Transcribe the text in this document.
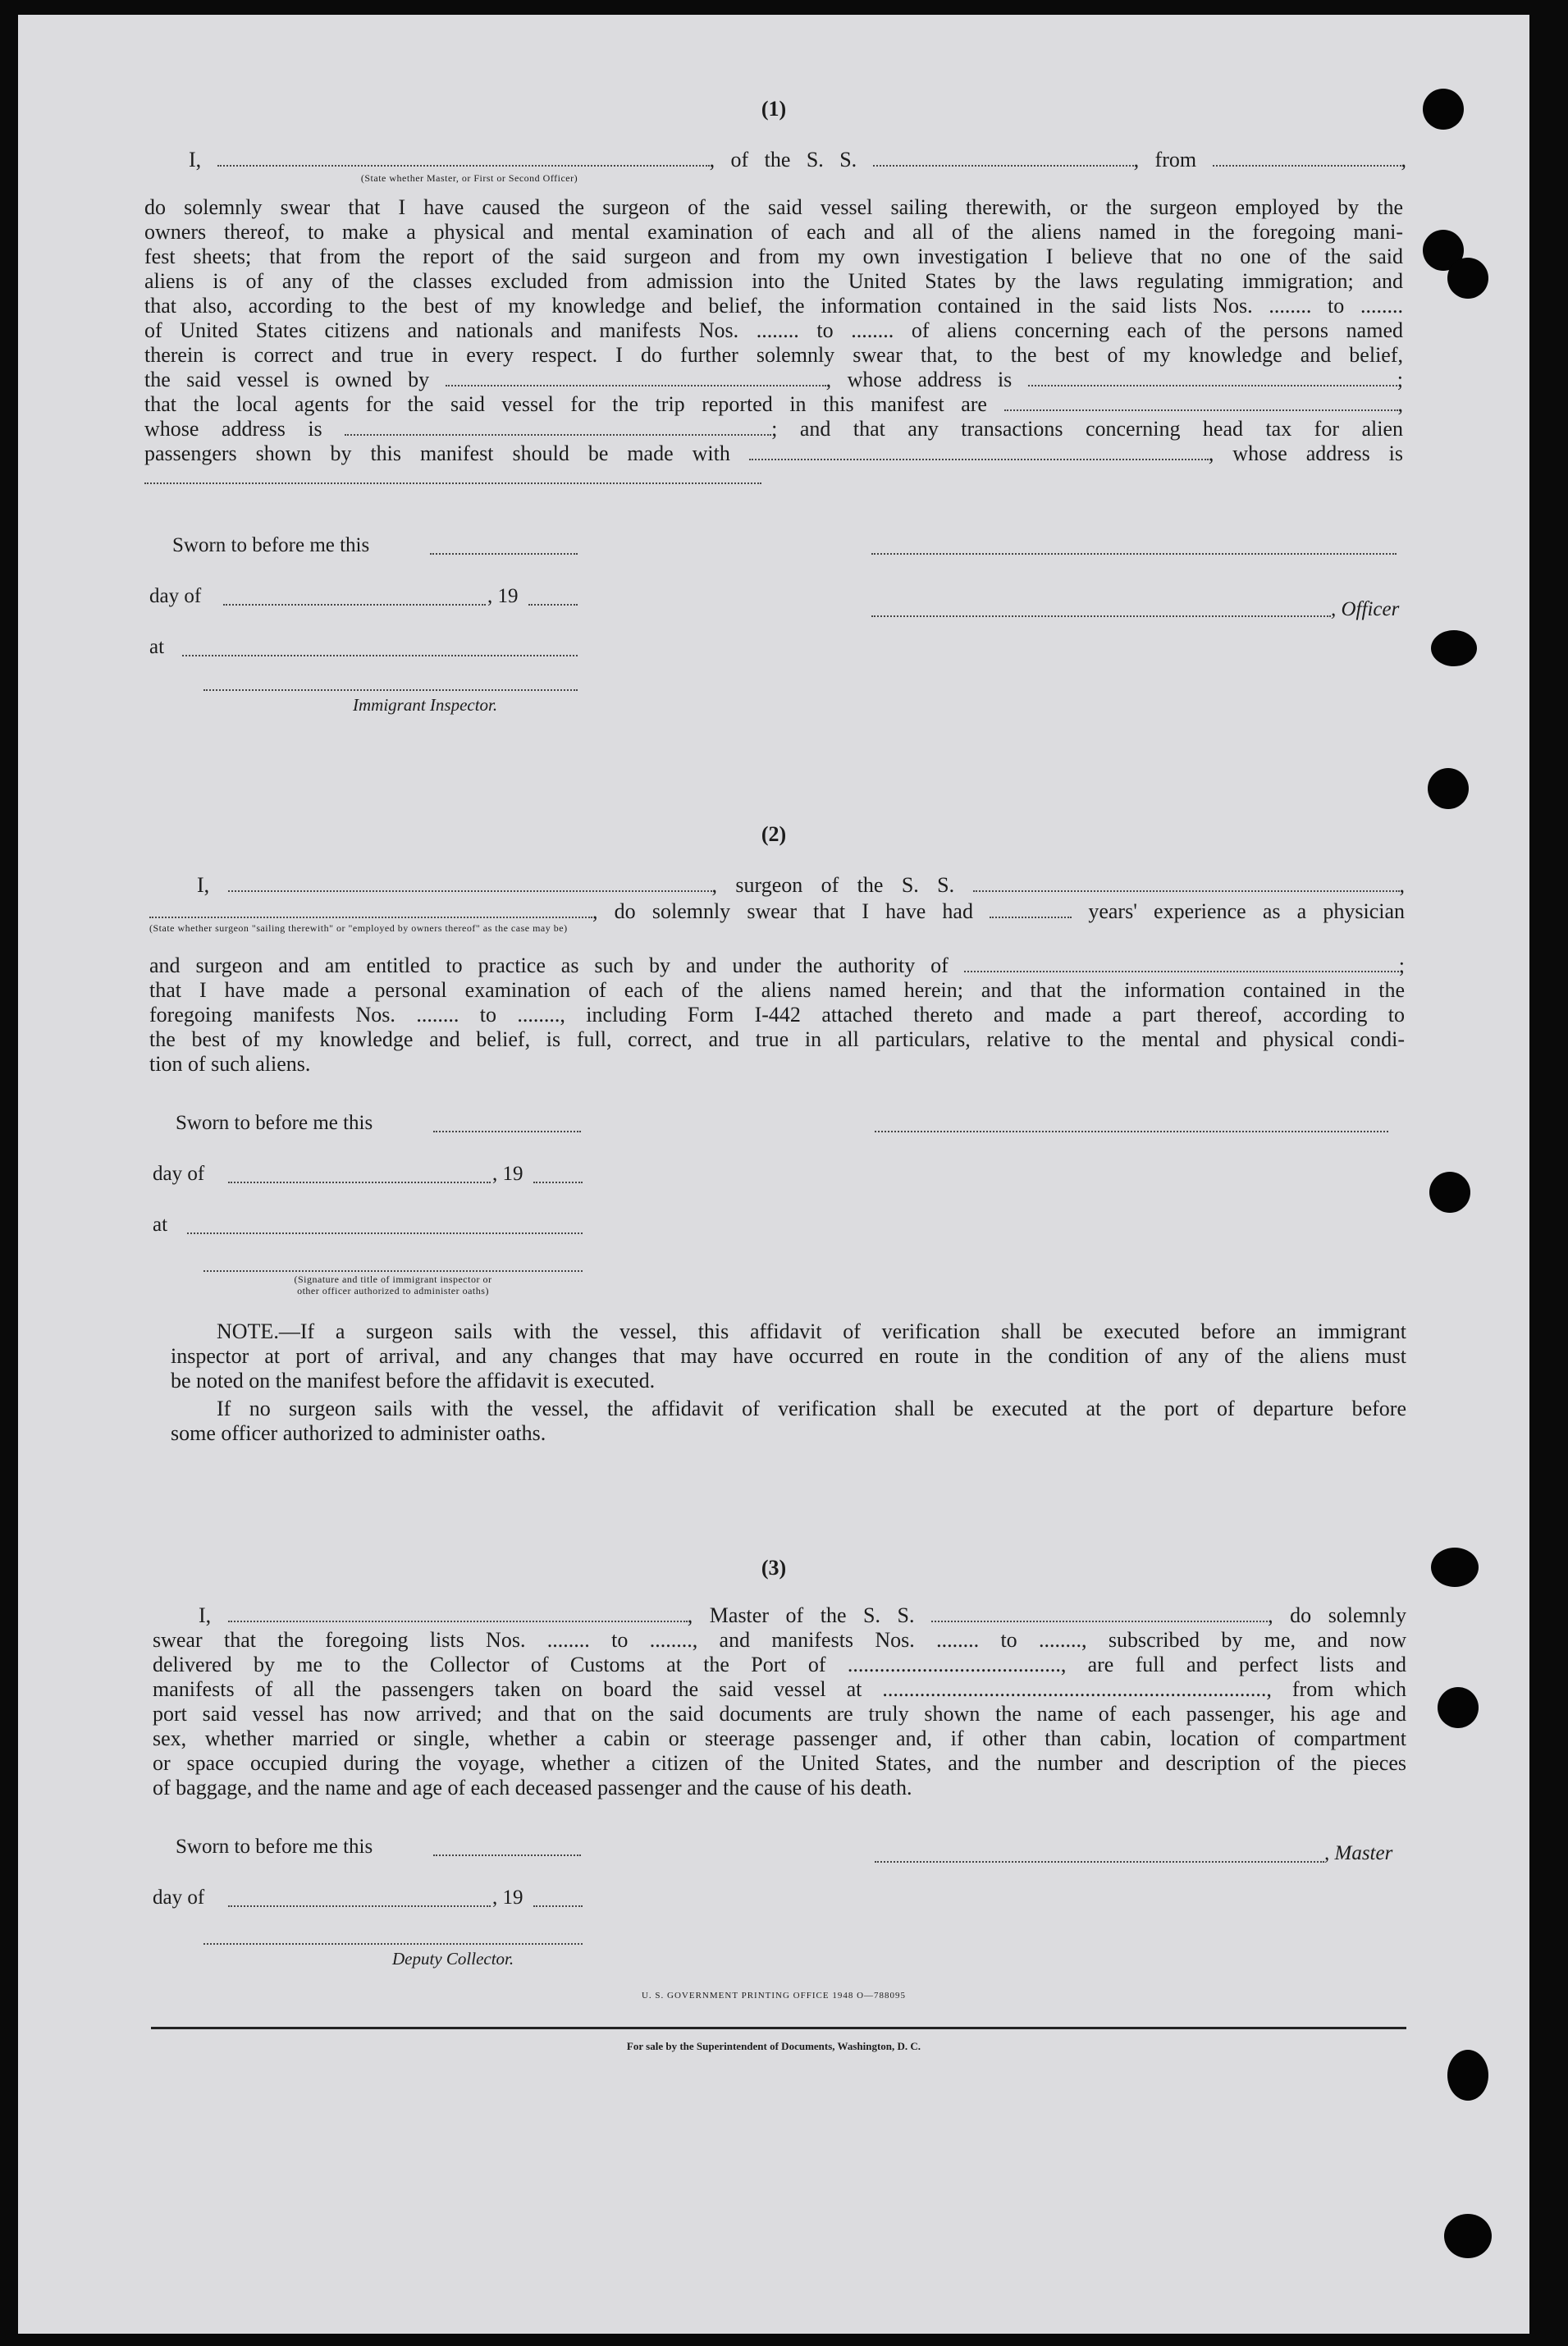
(1)
I,	, of the S. S.	, from	,
(State whether Master, or First or Second Officer)
do solemnly swear that I have caused the surgeon of the said vessel sailing therewith, or the surgeon employed by the
owners thereof, to make a physical and mental examination of each and all of the aliens named in the foregoing mani-
fest sheets; that from the report of the said surgeon and from my own investigation I believe that no one of the said
aliens is of any of the classes excluded from admission into the United States by the laws regulating immigration; and
that also, according to the best of my knowledge and belief, the information contained in the said lists Nos. ........ to ........
of United States citizens and nationals and manifests Nos. ........ to ........ of aliens concerning each of the persons named
therein is correct and true in every respect. I do further solemnly swear that, to the best of my knowledge and belief,
the said vessel is owned by	, whose address is	;
that the local agents for the said vessel for the trip reported in this manifest are	,
whose address is	; and that any transactions concerning head tax for alien
passengers shown by this manifest should be made with	, whose address is
Sworn to before me this
day of	, 19
, Officer
at
Immigrant Inspector.
(2)
I,	, surgeon of the S. S.	,
, do solemnly swear that I have had	years' experience as a physician
(State whether surgeon "sailing therewith" or "employed by owners thereof" as the case may be)
and surgeon and am entitled to practice as such by and under the authority of	;
that I have made a personal examination of each of the aliens named herein; and that the information contained in the
foregoing manifests Nos. ........ to ........, including Form I-442 attached thereto and made a part thereof, according to
the best of my knowledge and belief, is full, correct, and true in all particulars, relative to the mental and physical condi-
tion of such aliens.
Sworn to before me this
day of	, 19
at
(Signature and title of immigrant inspector or
other officer authorized to administer oaths)
NOTE.—If a surgeon sails with the vessel, this affidavit of verification shall be executed before an immigrant
inspector at port of arrival, and any changes that may have occurred en route in the condition of any of the aliens must
be noted on the manifest before the affidavit is executed.
If no surgeon sails with the vessel, the affidavit of verification shall be executed at the port of departure before
some officer authorized to administer oaths.
(3)
I,	, Master of the S. S.	, do solemnly
swear that the foregoing lists Nos. ........ to ........, and manifests Nos. ........ to ........, subscribed by me, and now
delivered by me to the Collector of Customs at the Port of ........................................, are full and perfect lists and
manifests of all the passengers taken on board the said vessel at ........................................................................, from which
port said vessel has now arrived; and that on the said documents are truly shown the name of each passenger, his age and
sex, whether married or single, whether a cabin or steerage passenger and, if other than cabin, location of compartment
or space occupied during the voyage, whether a citizen of the United States, and the number and description of the pieces
of baggage, and the name and age of each deceased passenger and the cause of his death.
Sworn to before me this	, Master
day of	, 19
Deputy Collector.
U. S. GOVERNMENT PRINTING OFFICE 1948 O—788095
For sale by the Superintendent of Documents, Washington, D. C.
